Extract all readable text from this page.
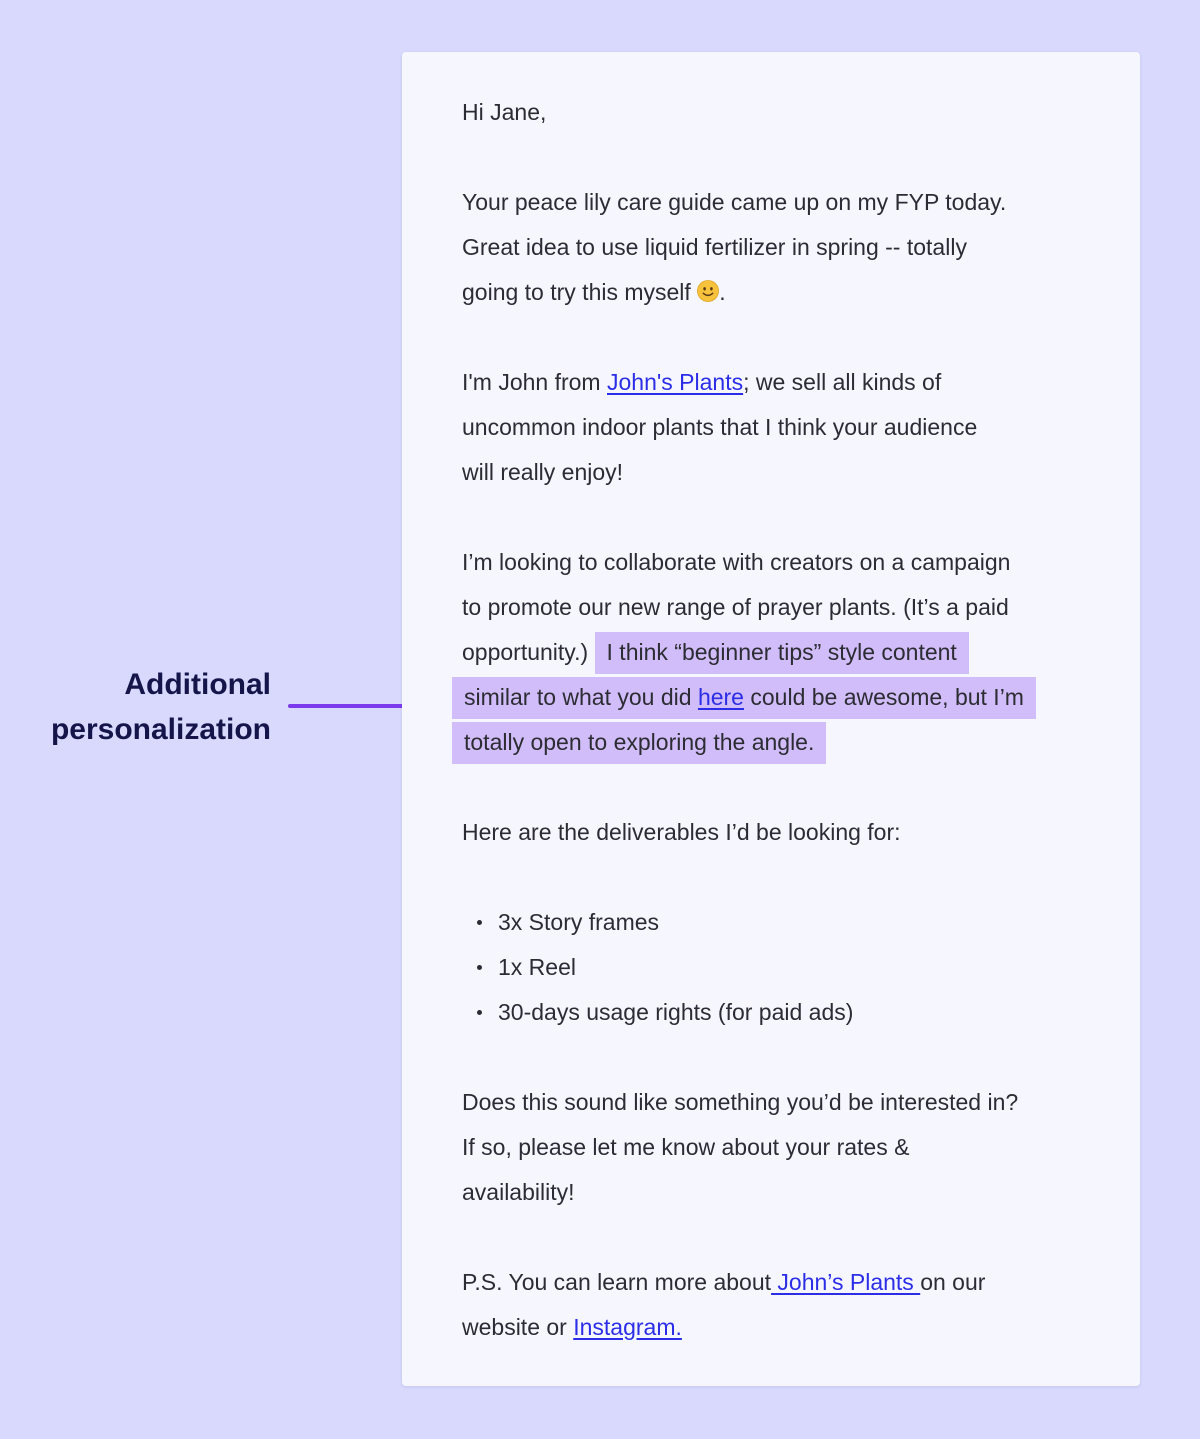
Additional
personalization

Hi Jane,

Your peace lily care guide came up on my FYP today.
Great idea to use liquid fertilizer in spring -- totally
going to try this myself .

I'm John from John's Plants; we sell all kinds of
uncommon indoor plants that I think your audience
will really enjoy!

I’m looking to collaborate with creators on a campaign
to promote our new range of prayer plants. (It’s a paid
opportunity.) I think “beginner tips” style content
similar to what you did here could be awesome, but I’m
totally open to exploring the angle.

Here are the deliverables I’d be looking for:

3x Story frames
1x Reel
30-days usage rights (for paid ads)

Does this sound like something you’d be interested in?
If so, please let me know about your rates &
availability!

P.S. You can learn more about John’s Plants on our
website or Instagram.
